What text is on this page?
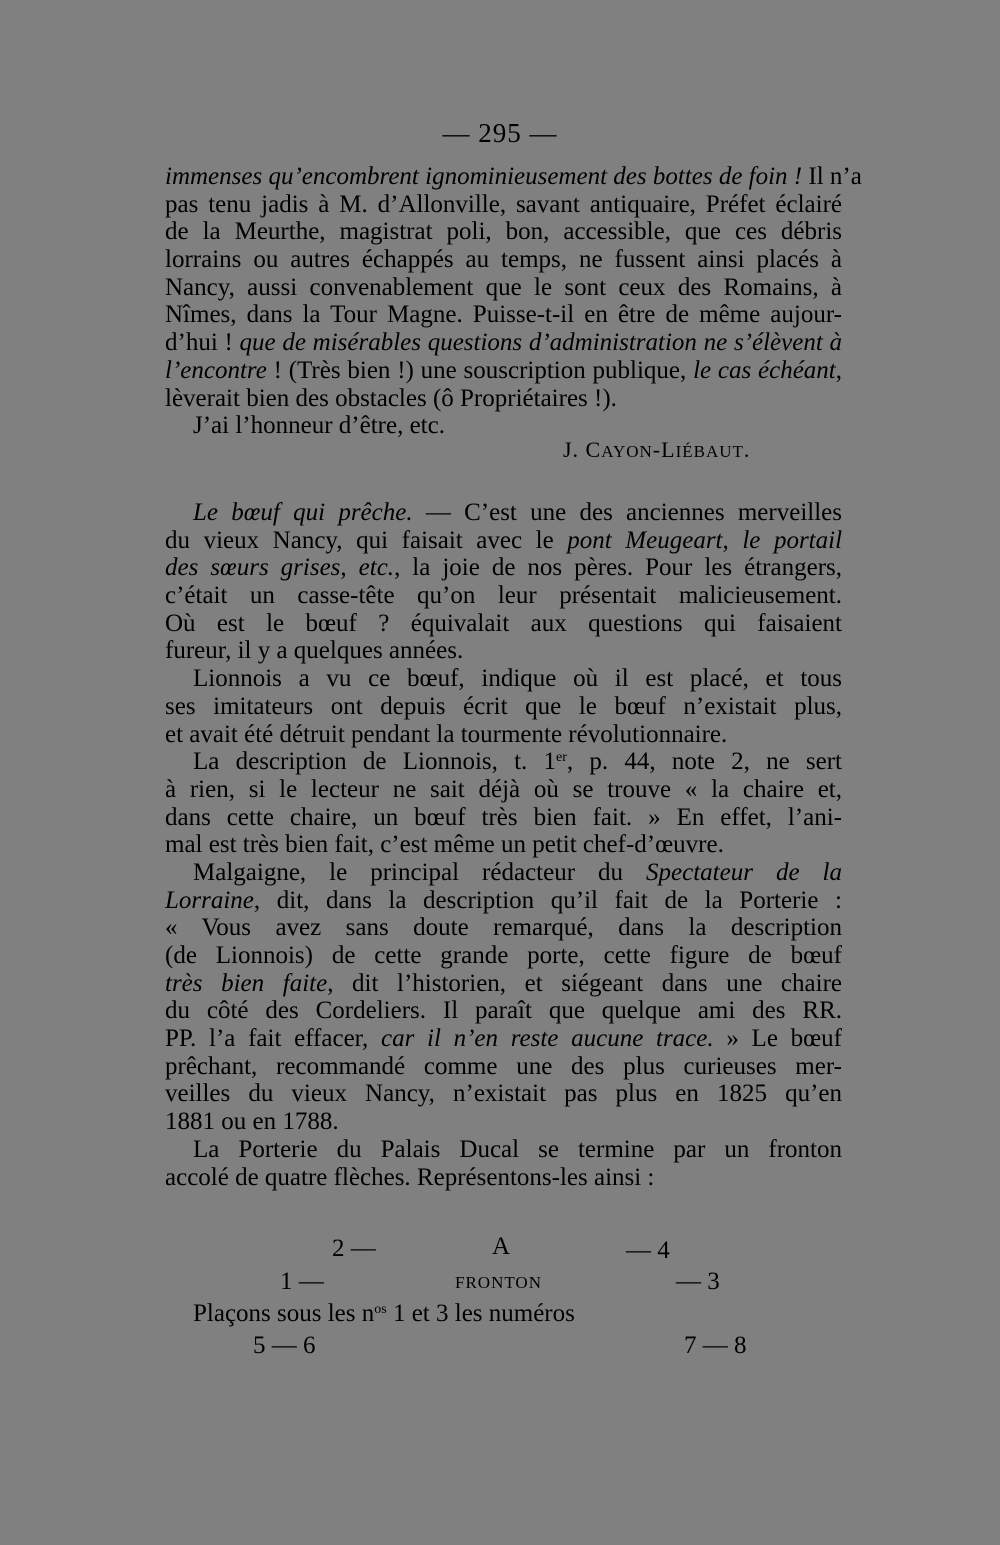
— 295 —
immenses qu’encombrent ignominieusement des bottes de foin ! Il n’a
pas tenu jadis à M. d’Allonville, savant antiquaire, Préfet éclairé
de la Meurthe, magistrat poli, bon, accessible, que ces débris
lorrains ou autres échappés au temps, ne fussent ainsi placés à
Nancy, aussi convenablement que le sont ceux des Romains, à
Nîmes, dans la Tour Magne. Puisse-t-il en être de même aujour-
d’hui ! que de misérables questions d’administration ne s’élèvent à
l’encontre ! (Très bien !) une souscription publique, le cas échéant,
lèverait bien des obstacles (ô Propriétaires !).
J’ai l’honneur d’être, etc.
J. CAYON-LIÉBAUT.
Le bœuf qui prêche. — C’est une des anciennes merveilles
du vieux Nancy, qui faisait avec le pont Meugeart, le portail
des sœurs grises, etc., la joie de nos pères. Pour les étrangers,
c’était un casse-tête qu’on leur présentait malicieusement.
Où est le bœuf ? équivalait aux questions qui faisaient
fureur, il y a quelques années.
Lionnois a vu ce bœuf, indique où il est placé, et tous
ses imitateurs ont depuis écrit que le bœuf n’existait plus,
et avait été détruit pendant la tourmente révolutionnaire.
La description de Lionnois, t. 1er, p. 44, note 2, ne sert
à rien, si le lecteur ne sait déjà où se trouve « la chaire et,
dans cette chaire, un bœuf très bien fait. » En effet, l’ani-
mal est très bien fait, c’est même un petit chef-d’œuvre.
Malgaigne, le principal rédacteur du Spectateur de la
Lorraine, dit, dans la description qu’il fait de la Porterie :
« Vous avez sans doute remarqué, dans la description
(de Lionnois) de cette grande porte, cette figure de bœuf
très bien faite, dit l’historien, et siégeant dans une chaire
du côté des Cordeliers. Il paraît que quelque ami des RR.
PP. l’a fait effacer, car il n’en reste aucune trace. » Le bœuf
prêchant, recommandé comme une des plus curieuses mer-
veilles du vieux Nancy, n’existait pas plus en 1825 qu’en
1881 ou en 1788.
La Porterie du Palais Ducal se termine par un fronton
accolé de quatre flèches. Représentons-les ainsi :
2 —	A	— 4
1 —	FRONTON	— 3
Plaçons sous les $n^{os}$ 1 et 3 les numéros
5 — 6	7 — 8
